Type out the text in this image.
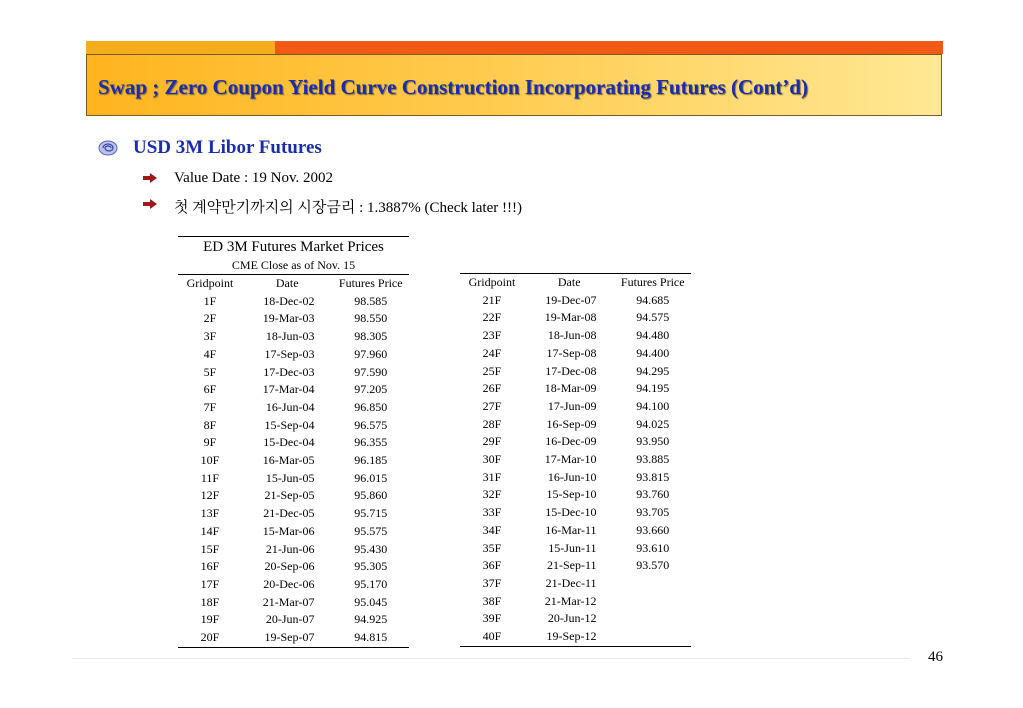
Swap ; Zero Coupon Yield Curve Construction Incorporating Futures (Cont’d)
USD 3M Libor Futures
Value Date : 19 Nov. 2002
첫 계약만기까지의 시장금리 : 1.3887% (Check later !!!)
ED 3M Futures Market Prices
CME Close as of Nov. 15
Gridpoint	Date	Futures Price
1F	18-Dec-02	98.585
2F	19-Mar-03	98.550
3F	18-Jun-03	98.305
4F	17-Sep-03	97.960
5F	17-Dec-03	97.590
6F	17-Mar-04	97.205
7F	16-Jun-04	96.850
8F	15-Sep-04	96.575
9F	15-Dec-04	96.355
10F	16-Mar-05	96.185
11F	15-Jun-05	96.015
12F	21-Sep-05	95.860
13F	21-Dec-05	95.715
14F	15-Mar-06	95.575
15F	21-Jun-06	95.430
16F	20-Sep-06	95.305
17F	20-Dec-06	95.170
18F	21-Mar-07	95.045
19F	20-Jun-07	94.925
20F	19-Sep-07	94.815
Gridpoint	Date	Futures Price
21F	19-Dec-07	94.685
22F	19-Mar-08	94.575
23F	18-Jun-08	94.480
24F	17-Sep-08	94.400
25F	17-Dec-08	94.295
26F	18-Mar-09	94.195
27F	17-Jun-09	94.100
28F	16-Sep-09	94.025
29F	16-Dec-09	93.950
30F	17-Mar-10	93.885
31F	16-Jun-10	93.815
32F	15-Sep-10	93.760
33F	15-Dec-10	93.705
34F	16-Mar-11	93.660
35F	15-Jun-11	93.610
36F	21-Sep-11	93.570
37F	21-Dec-11	
38F	21-Mar-12	
39F	20-Jun-12	
40F	19-Sep-12	
46
